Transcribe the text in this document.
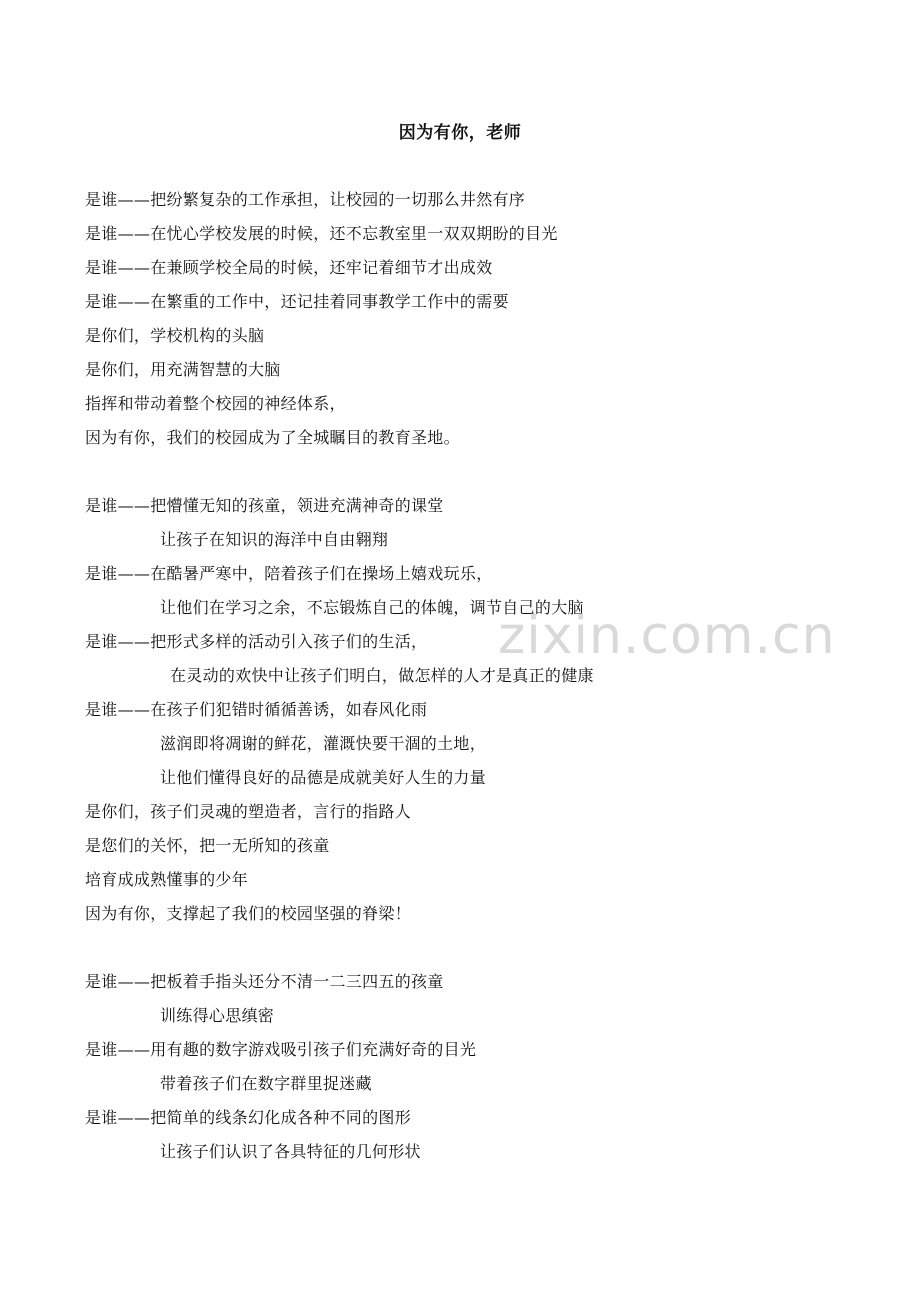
因为有你，老师
是谁——把纷繁复杂的工作承担，让校园的一切那么井然有序
是谁——在忧心学校发展的时候，还不忘教室里一双双期盼的目光
是谁——在兼顾学校全局的时候，还牢记着细节才出成效
是谁——在繁重的工作中，还记挂着同事教学工作中的需要
是你们，学校机构的头脑
是你们，用充满智慧的大脑
指挥和带动着整个校园的神经体系，
因为有你，我们的校园成为了全城瞩目的教育圣地。
是谁——把懵懂无知的孩童，领进充满神奇的课堂
让孩子在知识的海洋中自由翱翔
是谁——在酷暑严寒中，陪着孩子们在操场上嬉戏玩乐，
让他们在学习之余，不忘锻炼自己的体魄，调节自己的大脑
是谁——把形式多样的活动引入孩子们的生活，
在灵动的欢快中让孩子们明白，做怎样的人才是真正的健康
是谁——在孩子们犯错时循循善诱，如春风化雨
滋润即将凋谢的鲜花，灌溉快要干涸的土地，
让他们懂得良好的品德是成就美好人生的力量
是你们，孩子们灵魂的塑造者，言行的指路人
是您们的关怀，把一无所知的孩童
培育成成熟懂事的少年
因为有你，支撑起了我们的校园坚强的脊梁！
是谁——把板着手指头还分不清一二三四五的孩童
训练得心思缜密
是谁——用有趣的数字游戏吸引孩子们充满好奇的目光
带着孩子们在数字群里捉迷藏
是谁——把简单的线条幻化成各种不同的图形
让孩子们认识了各具特征的几何形状
zixin.com.cn
